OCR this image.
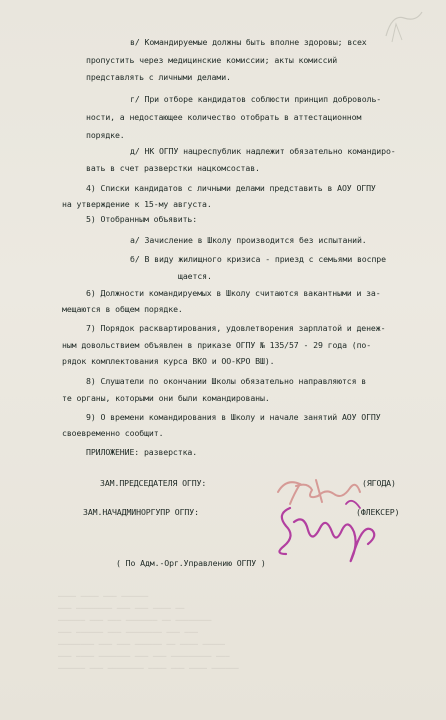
—————— ——— ———————— ———— ——— ———— ——————
——— ———— ——————— ——— ——— ————————— ———
———————— ——— ——— —————— —— ———— —————
——— —————— ——— ———————— ——— ———
—————— ——— ——— ——————— —— ————————
——— ———————— ——— ——— ———— ——
———— ———— ——— ——————
в/ Командируемые должны быть вполне здоровы; всех
пропустить через медицинские комиссии; акты комиссий
представлять с личными делами.
г/ При отборе кандидатов соблюсти принцип доброволь-
ности, а недостающее количество отобрать в аттестационном
порядке.
д/ НК ОГПУ нацреспублик надлежит обязательно командиро-
вать в счет разверстки нацкомсостав.
4) Списки кандидатов с личными делами представить в АОУ ОГПУ
на утверждение к 15-му августа.
5) Отобранным объявить:
а/ Зачисление в Школу производится без испытаний.
б/ В виду жилищного кризиса - приезд с семьями воспре
щается.
6) Должности командируемых в Школу считаются вакантными и за-
мещаются в общем порядке.
7) Порядок расквартирования, удовлетворения зарплатой и денеж-
ным довольствием объявлен в приказе ОГПУ № 135/57 - 29 года (по-
рядок комплектования курса ВКО и ОО-КРО ВШ).
8) Слушатели по окончании Школы обязательно направляются в
те органы, которыми они были командированы.
9) О времени командирования в Школу и начале занятий АОУ ОГПУ
своевременно сообщит.
ПРИЛОЖЕНИЕ: разверстка.
ЗАМ.ПРЕДСЕДАТЕЛЯ ОГПУ:	(ЯГОДА)
ЗАМ.НАЧАДМИНОРГУПР ОГПУ:	(ФЛЕКСЕР)
( По Адм.-Орг.Управлению ОГПУ )
